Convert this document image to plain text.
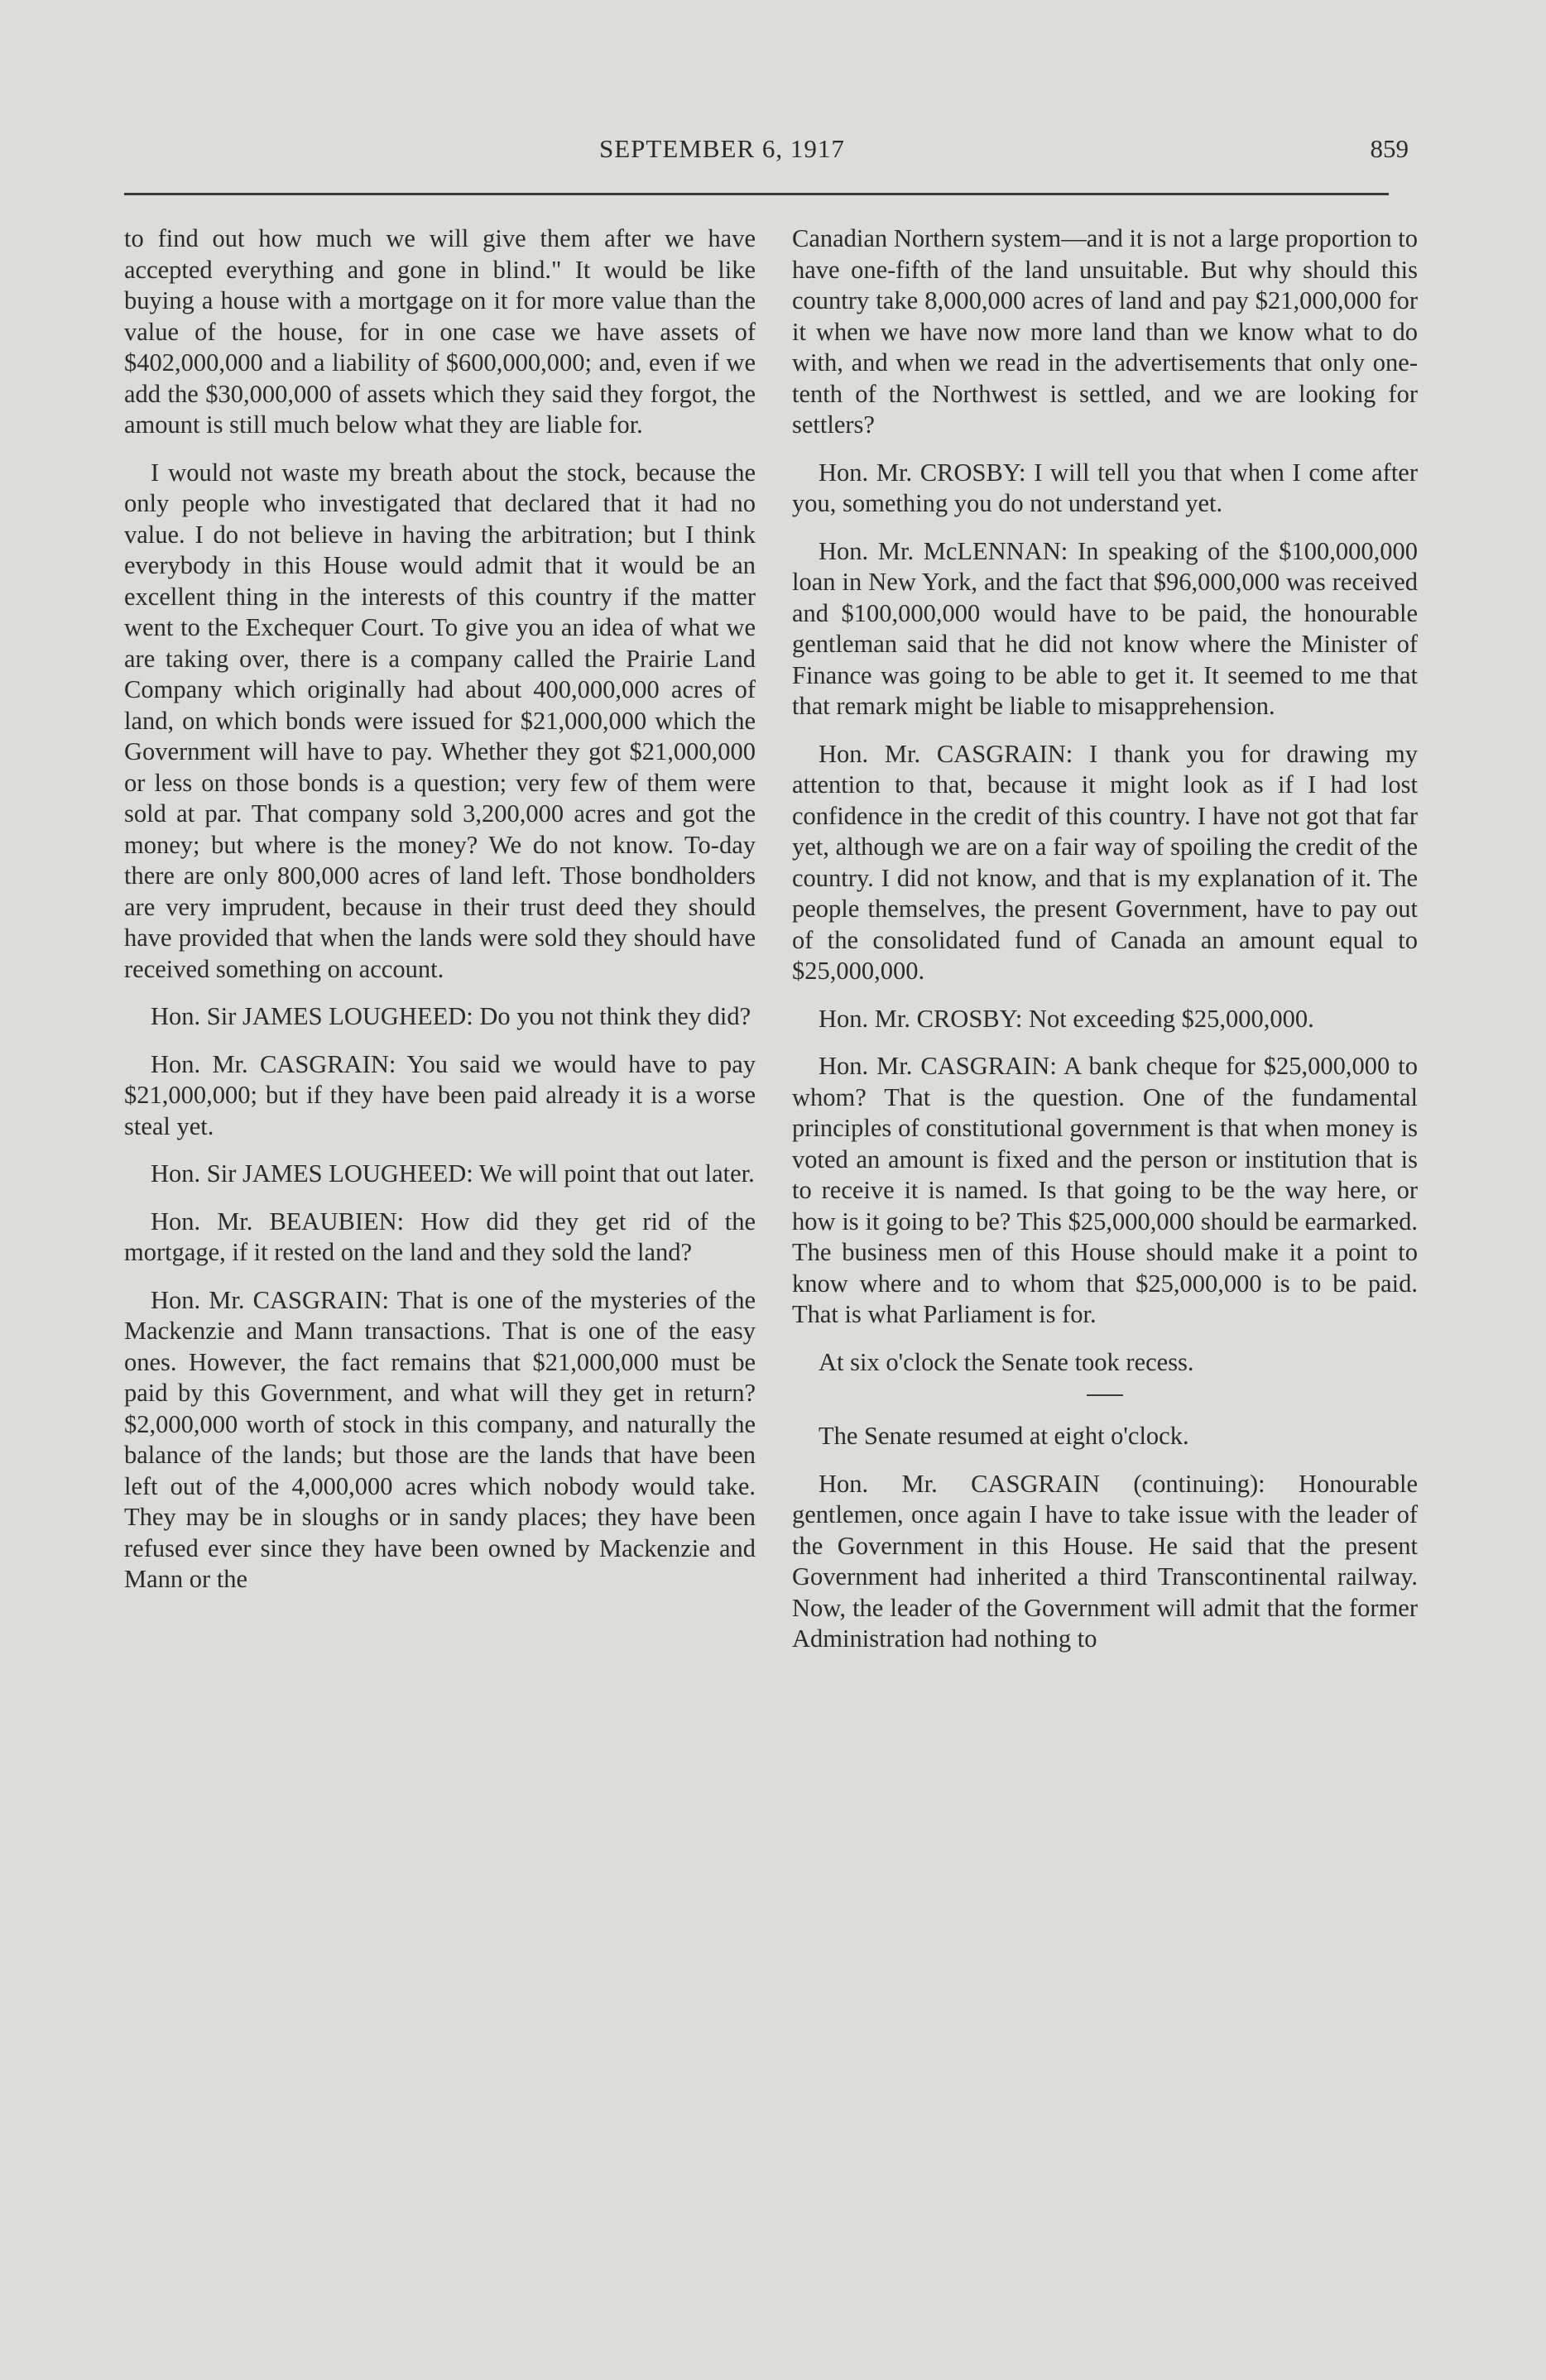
SEPTEMBER 6, 1917	859

to find out how much we will give them after we have accepted everything and gone in blind." It would be like buying a house with a mortgage on it for more value than the value of the house, for in one case we have assets of $402,000,000 and a liability of $600,000,000; and, even if we add the $30,000,000 of assets which they said they forgot, the amount is still much below what they are liable for.

I would not waste my breath about the stock, because the only people who investigated that declared that it had no value. I do not believe in having the arbitration; but I think everybody in this House would admit that it would be an excellent thing in the interests of this country if the matter went to the Exchequer Court. To give you an idea of what we are taking over, there is a company called the Prairie Land Company which originally had about 400,000,000 acres of land, on which bonds were issued for $21,000,000 which the Government will have to pay. Whether they got $21,000,000 or less on those bonds is a question; very few of them were sold at par. That company sold 3,200,000 acres and got the money; but where is the money? We do not know. To-day there are only 800,000 acres of land left. Those bondholders are very imprudent, because in their trust deed they should have provided that when the lands were sold they should have received something on account.

Hon. Sir JAMES LOUGHEED: Do you not think they did?

Hon. Mr. CASGRAIN: You said we would have to pay $21,000,000; but if they have been paid already it is a worse steal yet.

Hon. Sir JAMES LOUGHEED: We will point that out later.

Hon. Mr. BEAUBIEN: How did they get rid of the mortgage, if it rested on the land and they sold the land?

Hon. Mr. CASGRAIN: That is one of the mysteries of the Mackenzie and Mann transactions. That is one of the easy ones. However, the fact remains that $21,000,000 must be paid by this Government, and what will they get in return? $2,000,000 worth of stock in this company, and naturally the balance of the lands; but those are the lands that have been left out of the 4,000,000 acres which nobody would take. They may be in sloughs or in sandy places; they have been refused ever since they have been owned by Mackenzie and Mann or the

Canadian Northern system—and it is not a large proportion to have one-fifth of the land unsuitable. But why should this country take 8,000,000 acres of land and pay $21,000,000 for it when we have now more land than we know what to do with, and when we read in the advertisements that only one-tenth of the Northwest is settled, and we are looking for settlers?

Hon. Mr. CROSBY: I will tell you that when I come after you, something you do not understand yet.

Hon. Mr. McLENNAN: In speaking of the $100,000,000 loan in New York, and the fact that $96,000,000 was received and $100,000,000 would have to be paid, the honourable gentleman said that he did not know where the Minister of Finance was going to be able to get it. It seemed to me that that remark might be liable to misapprehension.

Hon. Mr. CASGRAIN: I thank you for drawing my attention to that, because it might look as if I had lost confidence in the credit of this country. I have not got that far yet, although we are on a fair way of spoiling the credit of the country. I did not know, and that is my explanation of it. The people themselves, the present Government, have to pay out of the consolidated fund of Canada an amount equal to $25,000,000.

Hon. Mr. CROSBY: Not exceeding $25,000,000.

Hon. Mr. CASGRAIN: A bank cheque for $25,000,000 to whom? That is the question. One of the fundamental principles of constitutional government is that when money is voted an amount is fixed and the person or institution that is to receive it is named. Is that going to be the way here, or how is it going to be? This $25,000,000 should be earmarked. The business men of this House should make it a point to know where and to whom that $25,000,000 is to be paid. That is what Parliament is for.

At six o'clock the Senate took recess.

The Senate resumed at eight o'clock.

Hon. Mr. CASGRAIN (continuing): Honourable gentlemen, once again I have to take issue with the leader of the Government in this House. He said that the present Government had inherited a third Transcontinental railway. Now, the leader of the Government will admit that the former Administration had nothing to
